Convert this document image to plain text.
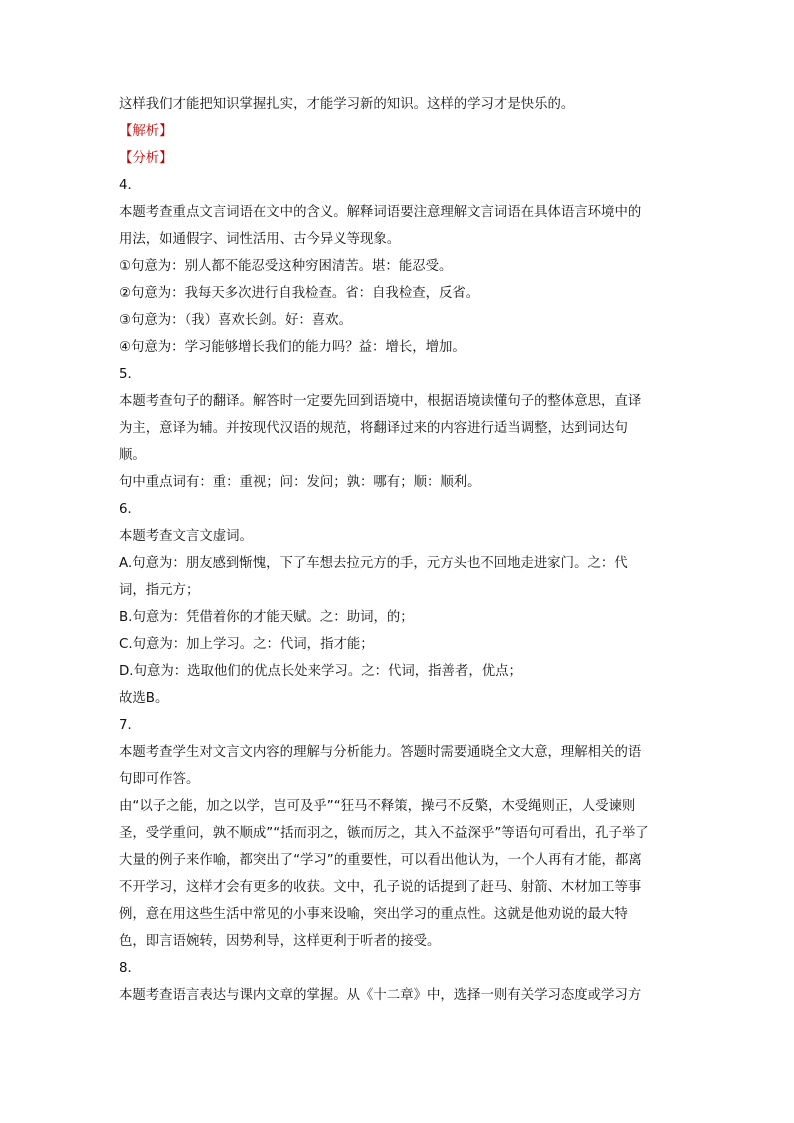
这样我们才能把知识掌握扎实，才能学习新的知识。这样的学习才是快乐的。
【解析】
【分析】
4．
本题考查重点文言词语在文中的含义。解释词语要注意理解文言词语在具体语言环境中的
用法，如通假字、词性活用、古今异义等现象。
①句意为：别人都不能忍受这种穷困清苦。堪：能忍受。
②句意为：我每天多次进行自我检查。省：自我检查，反省。
③句意为：（我）喜欢长剑。好：喜欢。
④句意为：学习能够增长我们的能力吗？益：增长，增加。
5．
本题考查句子的翻译。解答时一定要先回到语境中，根据语境读懂句子的整体意思，直译
为主，意译为辅。并按现代汉语的规范，将翻译过来的内容进行适当调整，达到词达句
顺。
句中重点词有：重：重视；问：发问；孰：哪有；顺：顺利。
6．
本题考查文言文虚词。
A.句意为：朋友感到惭愧，下了车想去拉元方的手，元方头也不回地走进家门。之：代
词，指元方；
B.句意为：凭借着你的才能天赋。之：助词，的；
C.句意为：加上学习。之：代词，指才能；
D.句意为：选取他们的优点长处来学习。之：代词，指善者，优点；
故选B。
7．
本题考查学生对文言文内容的理解与分析能力。答题时需要通晓全文大意，理解相关的语
句即可作答。
由“以子之能，加之以学，岂可及乎”“狂马不释策，操弓不反檠，木受绳则正，人受谏则
圣，受学重问，孰不顺成”“括而羽之，镞而厉之，其入不益深乎”等语句可看出，孔子举了
大量的例子来作喻，都突出了“学习”的重要性，可以看出他认为，一个人再有才能，都离
不开学习，这样才会有更多的收获。文中，孔子说的话提到了赶马、射箭、木材加工等事
例，意在用这些生活中常见的小事来设喻，突出学习的重点性。这就是他劝说的最大特
色，即言语婉转，因势利导，这样更利于听者的接受。
8．
本题考查语言表达与课内文章的掌握。从《十二章》中，选择一则有关学习态度或学习方
